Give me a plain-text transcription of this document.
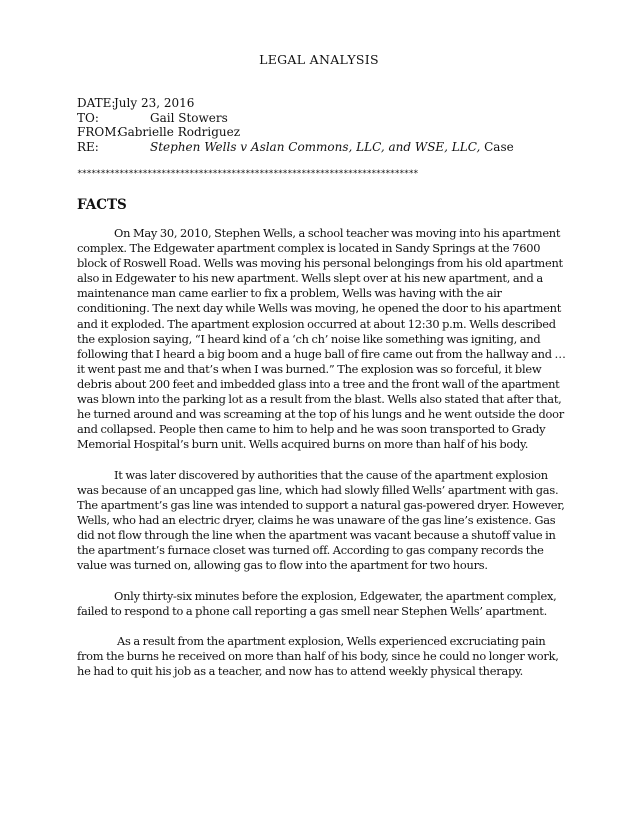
LEGAL ANALYSIS
DATE:
July 23, 2016
TO:	Gail Stowers
FROM:
Gabrielle Rodriguez
RE:	Stephen Wells v Aslan Commons, LLC, and WSE, LLC, Case
*************************************************************************
FACTS

On May 30, 2010, Stephen Wells, a school teacher was moving into his apartment complex. The Edgewater apartment complex is located in Sandy Springs at the 7600 block of Roswell Road. Wells was moving his personal belongings from his old apartment also in Edgewater to his new apartment. Wells slept over at his new apartment, and a maintenance man came earlier to fix a problem, Wells was having with the air conditioning. The next day while Wells was moving, he opened the door to his apartment and it exploded. The apartment explosion occurred at about 12:30 p.m. Wells described the explosion saying, “I heard kind of a ‘ch ch’ noise like something was igniting, and following that I heard a big boom and a huge ball of fire came out from the hallway and …it went past me and that’s when I was burned.” The explosion was so forceful, it blew debris about 200 feet and imbedded glass into a tree and the front wall of the apartment was blown into the parking lot as a result from the blast. Wells also stated that after that, he turned around and was screaming at the top of his lungs and he went outside the door and collapsed. People then came to him to help and he was soon transported to Grady Memorial Hospital’s burn unit. Wells acquired burns on more than half of his body.

It was later discovered by authorities that the cause of the apartment explosion was because of an uncapped gas line, which had slowly filled Wells’ apartment with gas. The apartment’s gas line was intended to support a natural gas-powered dryer. However, Wells, who had an electric dryer, claims he was unaware of the gas line’s existence. Gas did not flow through the line when the apartment was vacant because a shutoff value in the apartment’s furnace closet was turned off. According to gas company records the value was turned on, allowing gas to flow into the apartment for two hours.

Only thirty-six minutes before the explosion, Edgewater, the apartment complex, failed to respond to a phone call reporting a gas smell near Stephen Wells’ apartment.

As a result from the apartment explosion, Wells experienced excruciating pain from the burns he received on more than half of his body, since he could no longer work, he had to quit his job as a teacher, and now has to attend weekly physical therapy.
